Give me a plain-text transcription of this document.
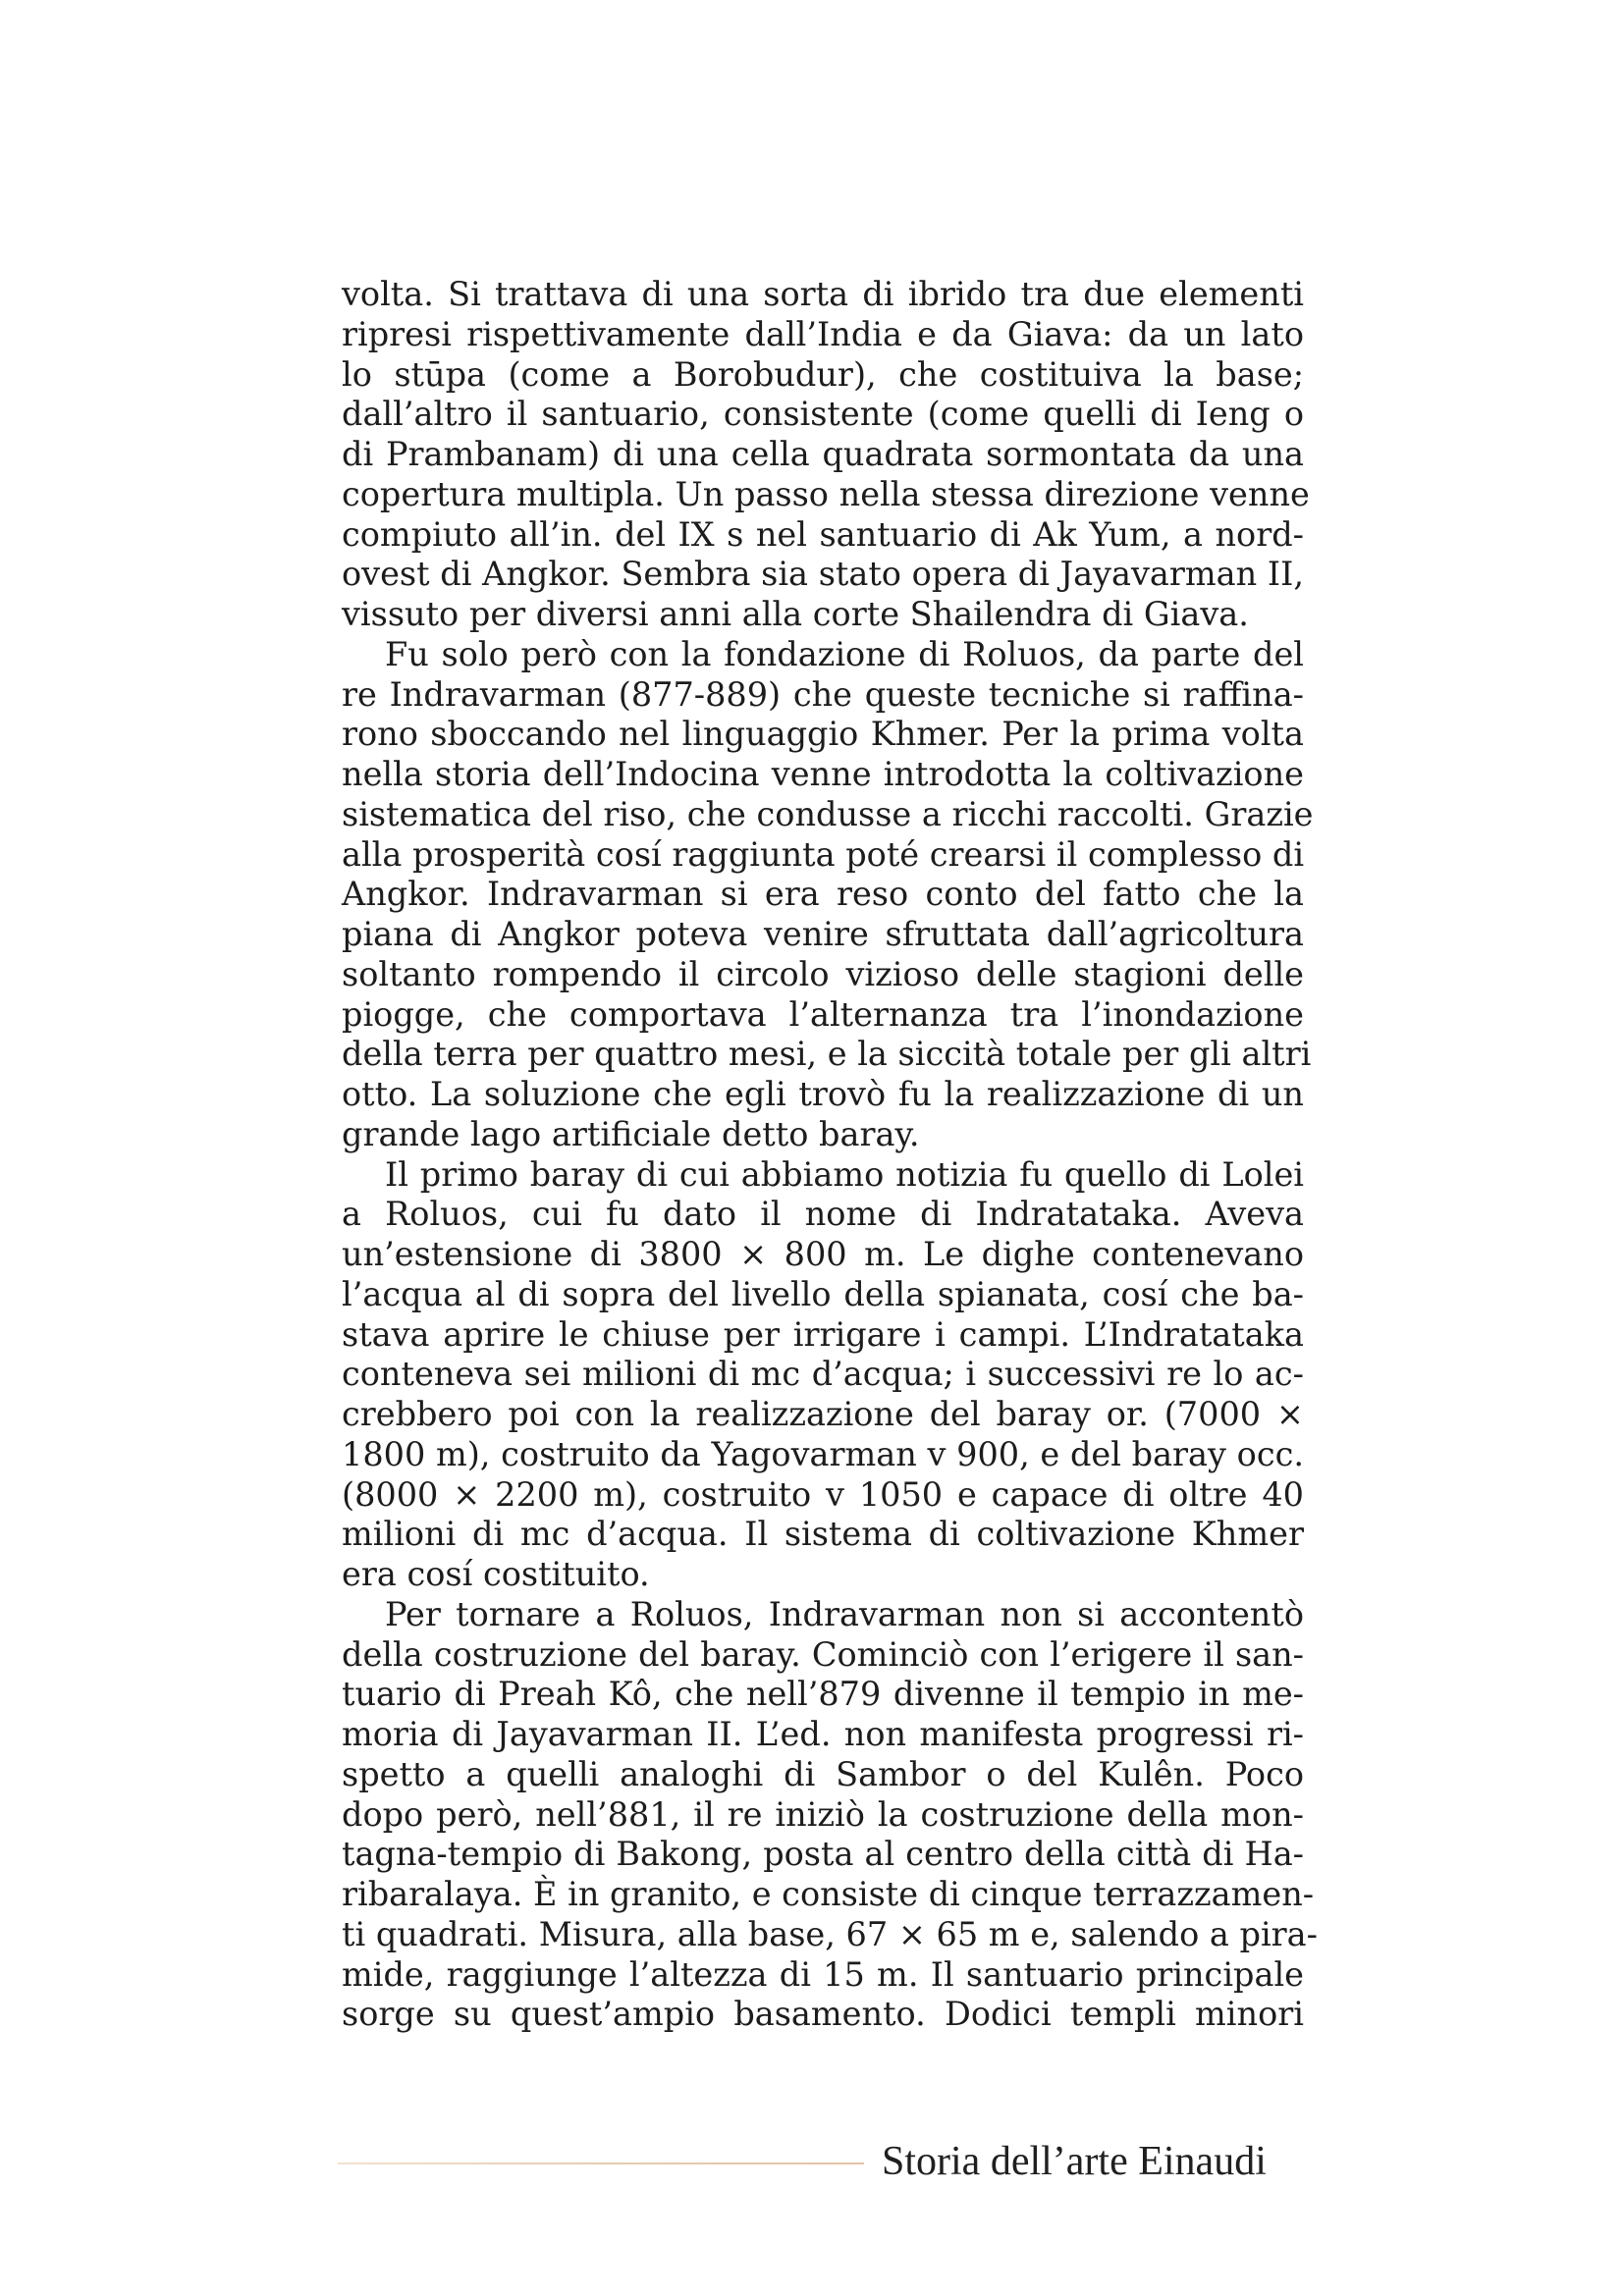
volta. Si trattava di una sorta di ibrido tra due elementi
ripresi rispettivamente dall’India e da Giava: da un lato
lo stūpa (come a Borobudur), che costituiva la base;
dall’altro il santuario, consistente (come quelli di Ieng o
di Prambanam) di una cella quadrata sormontata da una
copertura multipla. Un passo nella stessa direzione venne
compiuto all’in. del IX s nel santuario di Ak Yum, a nord-
ovest di Angkor. Sembra sia stato opera di Jayavarman II,
vissuto per diversi anni alla corte Shailendra di Giava.
Fu solo però con la fondazione di Roluos, da parte del
re Indravarman (877-889) che queste tecniche si raffina-
rono sboccando nel linguaggio Khmer. Per la prima volta
nella storia dell’Indocina venne introdotta la coltivazione
sistematica del riso, che condusse a ricchi raccolti. Grazie
alla prosperità cosí raggiunta poté crearsi il complesso di
Angkor. Indravarman si era reso conto del fatto che la
piana di Angkor poteva venire sfruttata dall’agricoltura
soltanto rompendo il circolo vizioso delle stagioni delle
piogge, che comportava l’alternanza tra l’inondazione
della terra per quattro mesi, e la siccità totale per gli altri
otto. La soluzione che egli trovò fu la realizzazione di un
grande lago artificiale detto baray.
Il primo baray di cui abbiamo notizia fu quello di Lolei
a Roluos, cui fu dato il nome di Indratataka. Aveva
un’estensione di 3800 × 800 m. Le dighe contenevano
l’acqua al di sopra del livello della spianata, cosí che ba-
stava aprire le chiuse per irrigare i campi. L’Indratataka
conteneva sei milioni di mc d’acqua; i successivi re lo ac-
crebbero poi con la realizzazione del baray or. (7000 ×
1800 m), costruito da Yagovarman v 900, e del baray occ.
(8000 × 2200 m), costruito v 1050 e capace di oltre 40
milioni di mc d’acqua. Il sistema di coltivazione Khmer
era cosí costituito.
Per tornare a Roluos, Indravarman non si accontentò
della costruzione del baray. Cominciò con l’erigere il san-
tuario di Preah Kô, che nell’879 divenne il tempio in me-
moria di Jayavarman II. L’ed. non manifesta progressi ri-
spetto a quelli analoghi di Sambor o del Kulên. Poco
dopo però, nell’881, il re iniziò la costruzione della mon-
tagna-tempio di Bakong, posta al centro della città di Ha-
ribaralaya. È in granito, e consiste di cinque terrazzamen-
ti quadrati. Misura, alla base, 67 × 65 m e, salendo a pira-
mide, raggiunge l’altezza di 15 m. Il santuario principale
sorge su quest’ampio basamento. Dodici templi minori
Storia dell’arte Einaudi
